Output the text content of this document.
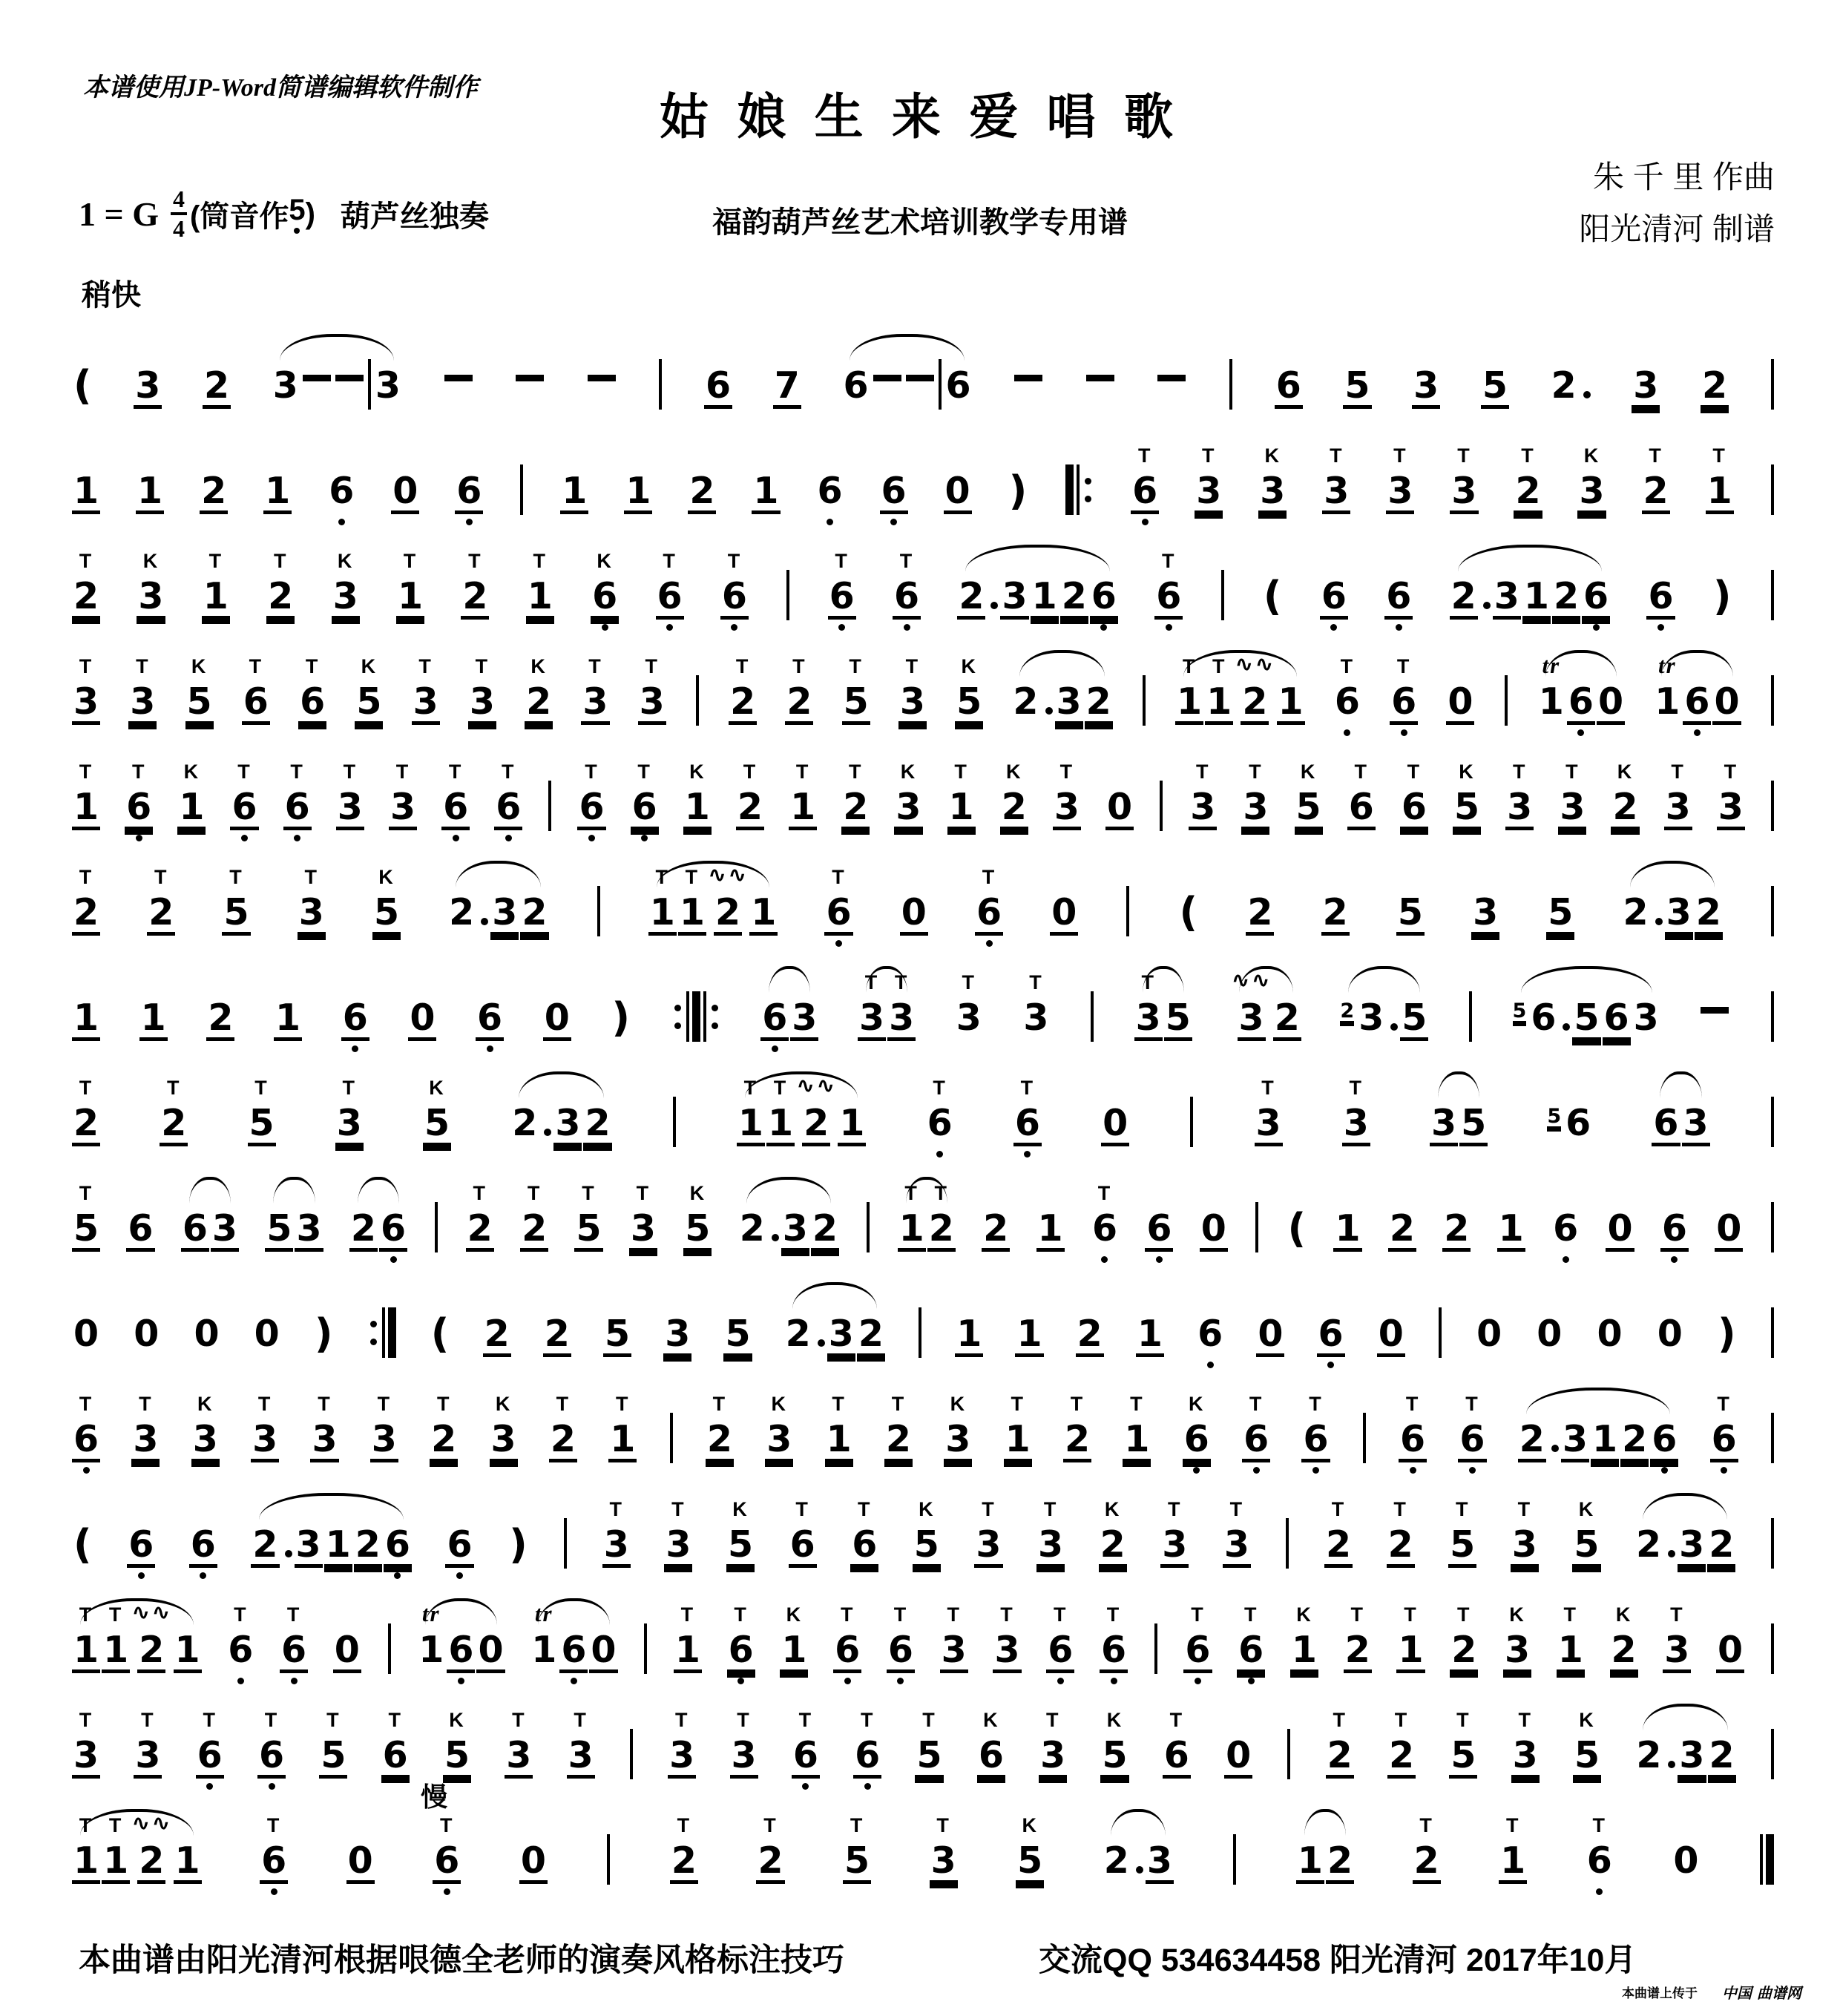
本谱使用JP-Word简谱编辑软件制作
姑 娘 生 来 爱 唱 歌
朱 千 里 作曲
阳光清河 制谱
1 = G $\frac{4}{4}$ (筒音作 5 ) 葫芦丝独奏	福韵葫芦丝艺术培训教学专用谱
稍快
慢
( 3 2 3 3	6 7 6 6	6 5 3 5 2 3 2
1 1 2 1 6 0 6 1 1 2 1 6 6 0 )
T
6
T
3
K
3
T
3
T
3
T
3
T
2
K
3
T
2
T
1
T
2
K
3
T
1
T
2
K
3
T
1
T
2
T
1
K
6
T
6
T
6
T
6
T
6 2 3 1 2 6
T
6 ( 6 6 2 3 1 2 6 6 )
T
3
T
3
K
5
T
6
T
6
K
5
T
3
T
3
K
2
T
3
T
3
T
2
T
2
T
5
T
3
K
5 2 3 2
T
1
T
1
∿∿
2 1
T
6
T
6 0
tr
1 6 0
tr
1 6 0
T
1
T
6
K
1
T
6
T
6
T
3
T
3
T
6
T
6
T
6
T
6
K
1
T
2
T
1
T
2
K
3
T
1
K
2
T
3 0
T
3
T
3
K
5
T
6
T
6
K
5
T
3
T
3
K
2
T
3
T
3
T
2
T
2
T
5
T
3
K
5 2 3 2
T
1
T
1
∿∿
2 1
T
6 0
T
6 0	( 2 2 5 3 5 2 3 2
1 1 2 1 6 0 6 0 )	6 3
T
3
T
3
T
3
T
3
T
3 5
∿∿
3 2 2 3 5	5 6 5 6 3
T
2
T
2
T
5
T
3
K
5 2 3 2
T
1
T
1
∿∿
2 1
T
6
T
6 0
T
3
T
3 3 5	5 6 6 3
T
5 6 6 3 5 3 2 6
T
2
T
2
T
5
T
3
K
5 2 3 2
T
1
T
2 2 1
T
6 6 0 ( 1 2 2 1 6 0 6 0
0 0 0 0 ) ( 2 2 5 3 5 2 3 2 1 1 2 1 6 0 6 0 0 0 0 0 )
T
6
T
3
K
3
T
3
T
3
T
3
T
2
K
3
T
2
T
1
T
2
K
3
T
1
T
2
K
3
T
1
T
2
T
1
K
6
T
6
T
6
T
6
T
6 2 3 1 2 6
T
6
( 6 6 2 3 1 2 6 6 )
T
3
T
3
K
5
T
6
T
6
K
5
T
3
T
3
K
2
T
3
T
3
T
2
T
2
T
5
T
3
K
5 2 3 2
T
1
T
1
∿∿
2 1
T
6
T
6 0
tr
1 6 0
tr
1 6 0
T
1
T
6
K
1
T
6
T
6
T
3
T
3
T
6
T
6
T
6
T
6
K
1
T
2
T
1
T
2
K
3
T
1
K
2
T
3 0
T
3
T
3
T
6
T
6
T
5
T
6
K
5
T
3
T
3
T
3
T
3
T
6
T
6
T
5
K
6
T
3
K
5
T
6 0
T
2
T
2
T
5
T
3
K
5 2 3 2
T
1
T
1
∿∿
2 1
T
6 0
T
6 0
T
2
T
2
T
5
T
3
K
5 2 3	1 2
T
2
T
1
T
6 0
本曲谱由阳光清河根据哏德全老师的演奏风格标注技巧	交流QQ 534634458 阳光清河 2017年10月
本曲谱上传于 E 中国 曲谱网
